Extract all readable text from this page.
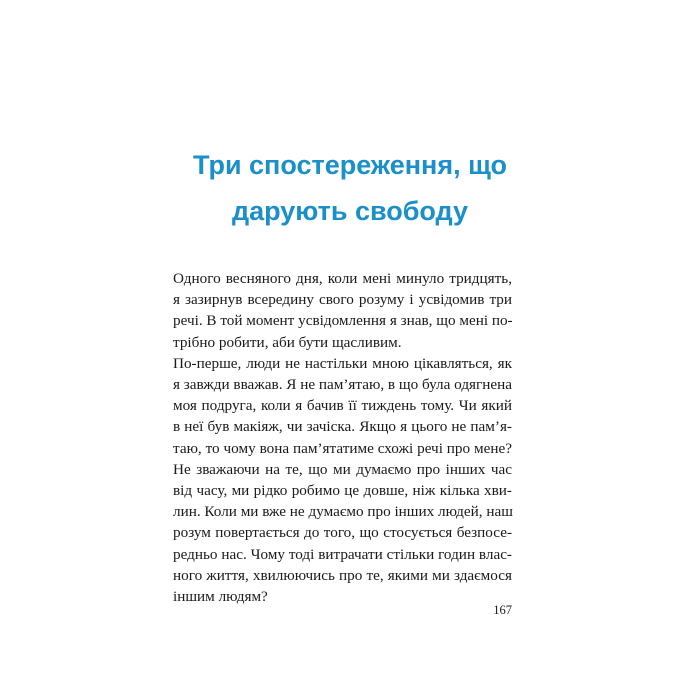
Три спостереження, що
дарують свободу
Одного весняного дня, коли мені минуло тридцять,
я зазирнув всередину свого розуму і усвідомив три
речі. В той момент усвідомлення я знав, що мені по-
трібно робити, аби бути щасливим.
По-перше, люди не настільки мною цікавляться, як
я завжди вважав. Я не пам’ятаю, в що була одягнена
моя подруга, коли я бачив її тиждень тому. Чи який
в неї був макіяж, чи зачіска. Якщо я цього не пам’я-
таю, то чому вона пам’ятатиме схожі речі про мене?
Не зважаючи на те, що ми думаємо про інших час
від часу, ми рідко робимо це довше, ніж кілька хви-
лин. Коли ми вже не думаємо про інших людей, наш
розум повертається до того, що стосується безпосе-
редньо нас. Чому тоді витрачати стільки годин влас-
ного життя, хвилюючись про те, якими ми здаємося
іншим людям?
167
